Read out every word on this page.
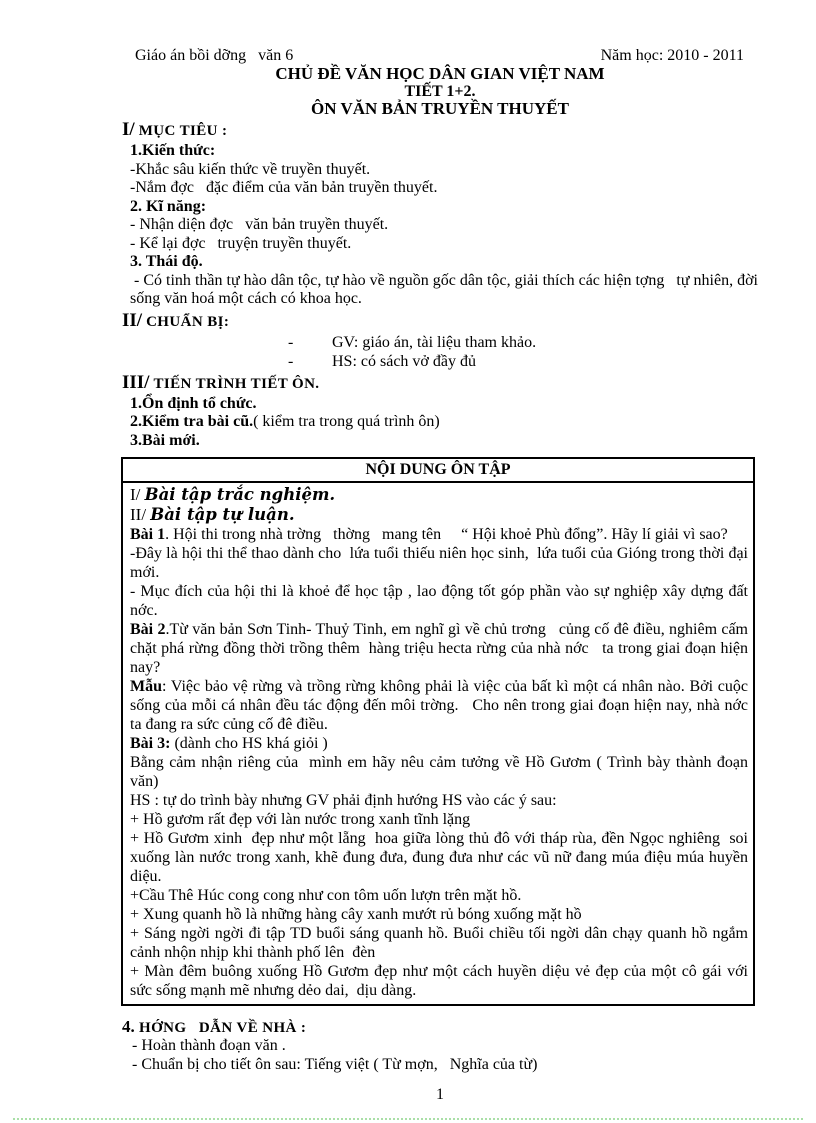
Giáo án bồi dỡng   văn 6	Năm học: 2010 - 2011
CHỦ ĐỀ VĂN HỌC DÂN GIAN VIỆT NAM
TIẾT 1+2.
ÔN VĂN BẢN TRUYỀN THUYẾT
I/ MỤC TIÊU :
1.Kiến thức:
-Khắc sâu kiến thức về truyền thuyết.
-Nắm đợc   đặc điểm của văn bản truyền thuyết.
2. Kĩ năng:
- Nhận diện đợc   văn bản truyền thuyết.
- Kể lại đợc   truyện truyền thuyết.
3. Thái độ.
- Có tinh thần tự hào dân tộc, tự hào về nguồn gốc dân tộc, giải thích các hiện tợng   tự nhiên, đời sống văn hoá một cách có khoa học.
II/ CHUẨN BỊ:
- GV: giáo án, tài liệu tham khảo.
- HS: có sách vở đầy đủ
III/ TIẾN TRÌNH TIẾT ÔN.
1.Ổn định tổ chức.
2.Kiểm tra bài cũ.( kiểm tra trong quá trình ôn)
3.Bài mới.
NỘI DUNG ÔN TẬP
I/ Bài tập trắc nghiệm.
II/ Bài tập tự luận.
Bài 1. Hội thi trong nhà trờng   thờng   mang tên     “ Hội khoẻ Phù đổng”. Hãy lí giải vì sao?
-Đây là hội thi thể thao dành cho  lứa tuổi thiếu niên học sinh,  lứa tuổi của Gióng trong thời đại mới.
- Mục đích của hội thi là khoẻ để học tập , lao động tốt góp phần vào sự nghiệp xây dựng đất nớc.
Bài 2.Từ văn bản Sơn Tinh- Thuỷ Tinh, em nghĩ gì về chủ trơng   củng cố đê điều, nghiêm cấm chặt phá rừng đồng thời trồng thêm  hàng triệu hecta rừng của nhà nớc   ta trong giai đoạn hiện nay?
Mẫu: Việc bảo vệ rừng và trồng rừng không phải là việc của bất kì một cá nhân nào. Bởi cuộc sống của mỗi cá nhân đều tác động đến môi trờng.   Cho nên trong giai đoạn hiện nay, nhà nớc   ta đang ra sức củng cố đê điều.
Bài 3: (dành cho HS khá giỏi )
Bằng cảm nhận riêng của  mình em hãy nêu cảm tưởng về Hồ Gươm ( Trình bày thành đoạn văn)
HS : tự do trình bày nhưng GV phải định hướng HS vào các ý sau:
+ Hồ gươm rất đẹp với làn nước trong xanh tĩnh lặng
+ Hồ Gươm xinh  đẹp như một lẵng  hoa giữa lòng thủ đô với tháp rùa, đền Ngọc nghiêng  soi xuống làn nước trong xanh, khẽ đung đưa, đung đưa như các vũ nữ đang múa điệu múa huyền diệu.
+Cầu Thê Húc cong cong như con tôm uốn lượn trên mặt hồ.
+ Xung quanh hồ là những hàng cây xanh mướt rủ bóng xuống mặt hồ
+ Sáng ngời ngời đi tập TD buổi sáng quanh hồ. Buổi chiều tối ngời dân chạy quanh hồ ngắm cảnh nhộn nhịp khi thành phố lên  đèn
+ Màn đêm buông xuống Hồ Gươm đẹp như một cách huyền diệu vẻ đẹp của một cô gái với sức sống mạnh mẽ nhưng dẻo dai,  dịu dàng.
4. HỚNG   DẪN VỀ NHÀ :
- Hoàn thành đoạn văn .
- Chuẩn bị cho tiết ôn sau: Tiếng việt ( Từ mợn,   Nghĩa của từ)
1
